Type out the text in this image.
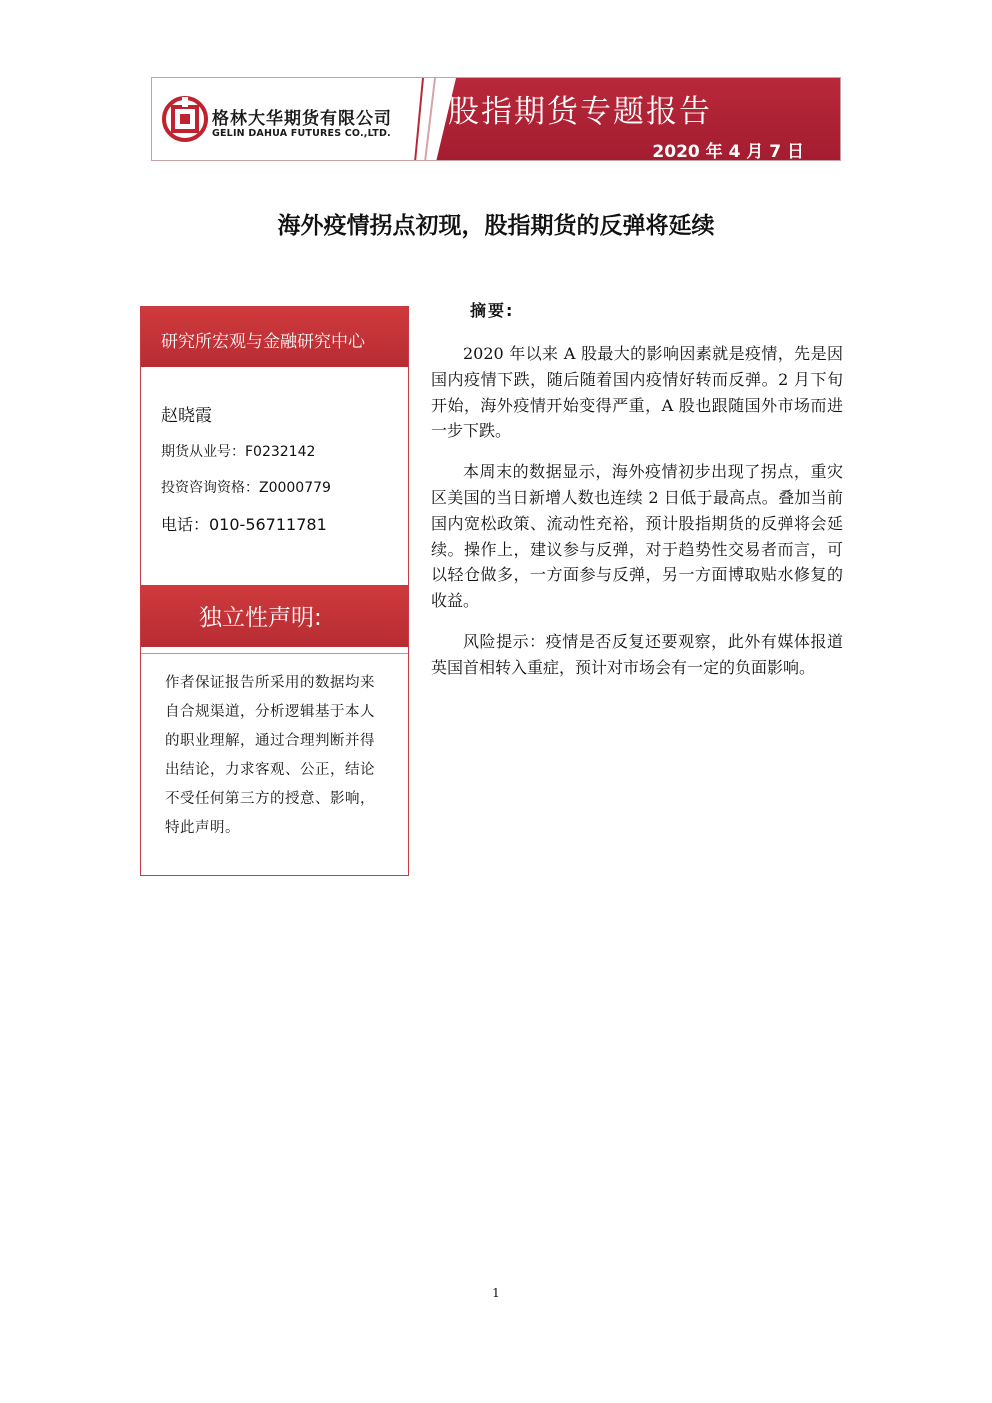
格林大华期货有限公司
GELIN DAHUA FUTURES CO.,LTD.
股指期货专题报告
2020 年 4 月 7 日
海外疫情拐点初现，股指期货的反弹将延续
研究所宏观与金融研究中心
赵晓霞
期货从业号：F0232142
投资咨询资格：Z0000779
电话：010-56711781
独立性声明:
作者保证报告所采用的数据均来自合规渠道，分析逻辑基于本人的职业理解，通过合理判断并得出结论，力求客观、公正，结论不受任何第三方的授意、影响，特此声明。
摘要:

2020 年以来 A 股最大的影响因素就是疫情，先是因国内疫情下跌，随后随着国内疫情好转而反弹。2 月下旬开始，海外疫情开始变得严重，A 股也跟随国外市场而进一步下跌。

本周末的数据显示，海外疫情初步出现了拐点，重灾区美国的当日新增人数也连续 2 日低于最高点。叠加当前国内宽松政策、流动性充裕，预计股指期货的反弹将会延续。操作上，建议参与反弹，对于趋势性交易者而言，可以轻仓做多，一方面参与反弹，另一方面博取贴水修复的收益。

风险提示：疫情是否反复还要观察，此外有媒体报道英国首相转入重症，预计对市场会有一定的负面影响。

1
